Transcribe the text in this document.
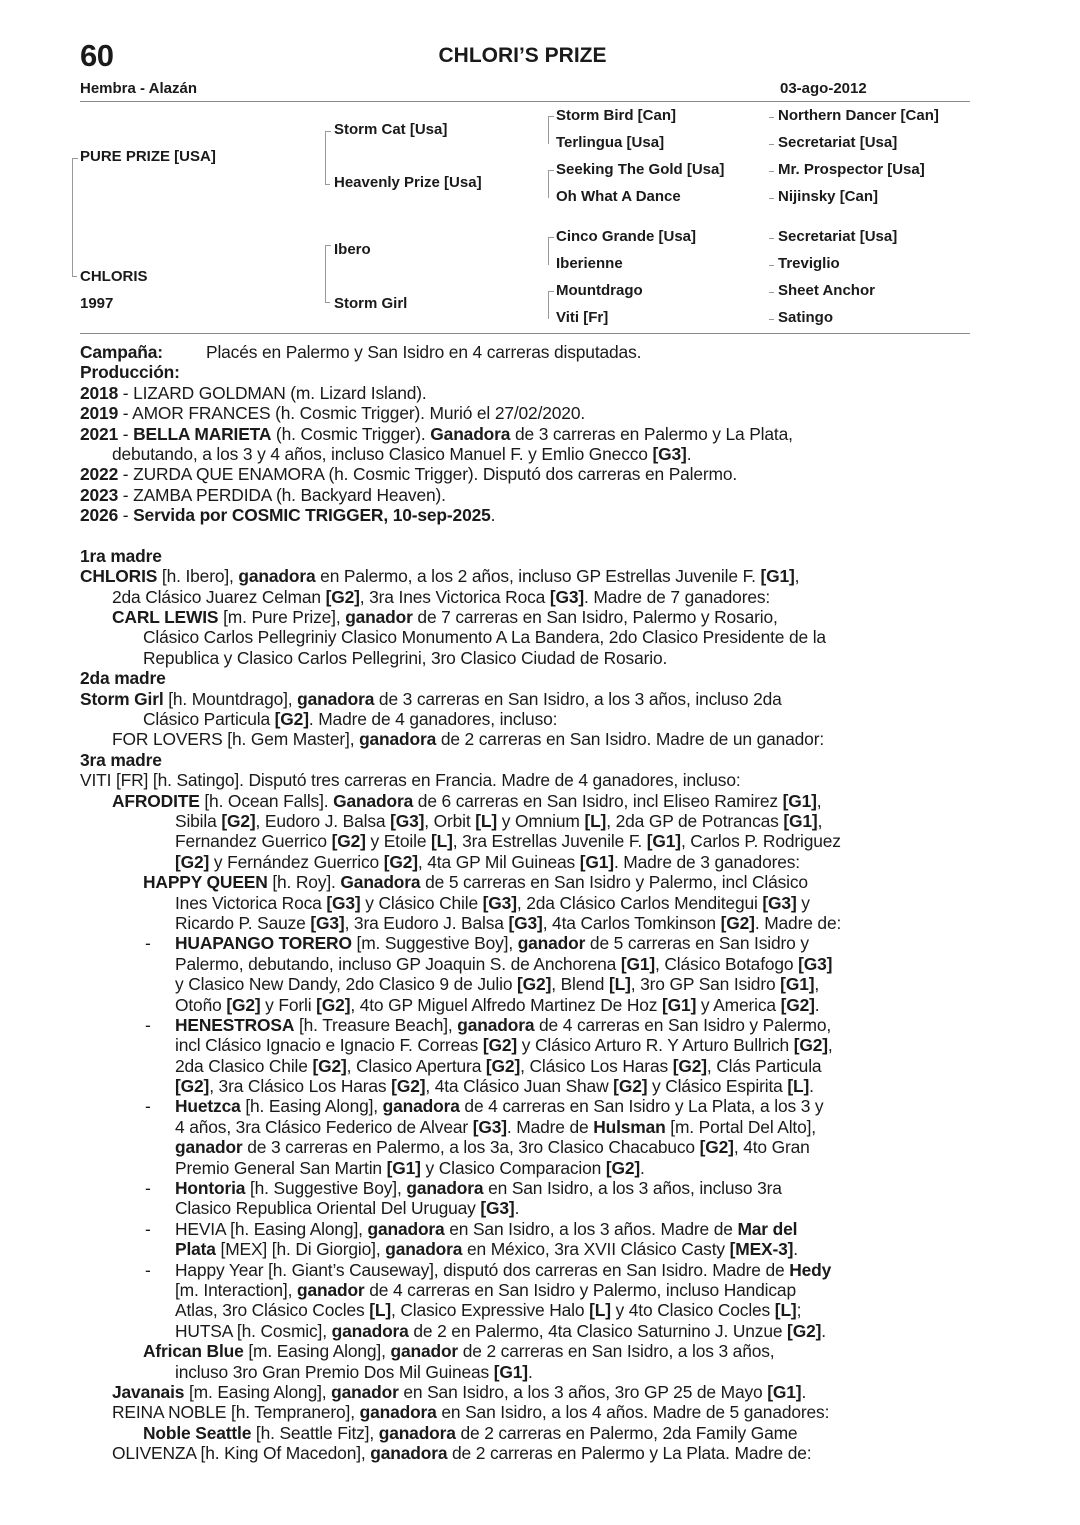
60	CHLORI’S PRIZE
Hembra - Alazán	03-ago-2012
PURE PRIZE [USA]
CHLORIS
1997
Storm Cat [Usa]
Heavenly Prize [Usa]
Ibero
Storm Girl
Storm Bird [Can]
Terlingua [Usa]
Seeking The Gold [Usa]
Oh What A Dance
Cinco Grande [Usa]
Iberienne
Mountdrago
Viti [Fr]
Northern Dancer [Can]
Secretariat [Usa]
Mr. Prospector [Usa]
Nijinsky [Can]
Secretariat [Usa]
Treviglio
Sheet Anchor
Satingo
Campaña: Placés en Palermo y San Isidro en 4 carreras disputadas.
Producción:
2018 - LIZARD GOLDMAN (m. Lizard Island).
2019 - AMOR FRANCES (h. Cosmic Trigger). Murió el 27/02/2020.
2021 - BELLA MARIETA (h. Cosmic Trigger). Ganadora de 3 carreras en Palermo y La Plata,
debutando, a los 3 y 4 años, incluso Clasico Manuel F. y Emlio Gnecco [G3].
2022 - ZURDA QUE ENAMORA (h. Cosmic Trigger). Disputó dos carreras en Palermo.
2023 - ZAMBA PERDIDA (h. Backyard Heaven).
2026 - Servida por COSMIC TRIGGER, 10-sep-2025.
1ra madre
CHLORIS [h. Ibero], ganadora en Palermo, a los 2 años, incluso GP Estrellas Juvenile F. [G1],
2da Clásico Juarez Celman [G2], 3ra Ines Victorica Roca [G3]. Madre de 7 ganadores:
CARL LEWIS [m. Pure Prize], ganador de 7 carreras en San Isidro, Palermo y Rosario,
Clásico Carlos Pellegriniy Clasico Monumento A La Bandera, 2do Clasico Presidente de la
Republica y Clasico Carlos Pellegrini, 3ro Clasico Ciudad de Rosario.
2da madre
Storm Girl [h. Mountdrago], ganadora de 3 carreras en San Isidro, a los 3 años, incluso 2da
Clásico Particula [G2]. Madre de 4 ganadores, incluso:
FOR LOVERS [h. Gem Master], ganadora de 2 carreras en San Isidro. Madre de un ganador:
3ra madre
VITI [FR] [h. Satingo]. Disputó tres carreras en Francia. Madre de 4 ganadores, incluso:
AFRODITE [h. Ocean Falls]. Ganadora de 6 carreras en San Isidro, incl Eliseo Ramirez [G1],
Sibila [G2], Eudoro J. Balsa [G3], Orbit [L] y Omnium [L], 2da GP de Potrancas [G1],
Fernandez Guerrico [G2] y Etoile [L], 3ra Estrellas Juvenile F. [G1], Carlos P. Rodriguez
[G2] y Fernández Guerrico [G2], 4ta GP Mil Guineas [G1]. Madre de 3 ganadores:
HAPPY QUEEN [h. Roy]. Ganadora de 5 carreras en San Isidro y Palermo, incl Clásico
Ines Victorica Roca [G3] y Clásico Chile [G3], 2da Clásico Carlos Menditegui [G3] y
Ricardo P. Sauze [G3], 3ra Eudoro J. Balsa [G3], 4ta Carlos Tomkinson [G2]. Madre de:
- HUAPANGO TORERO [m. Suggestive Boy], ganador de 5 carreras en San Isidro y
Palermo, debutando, incluso GP Joaquin S. de Anchorena [G1], Clásico Botafogo [G3]
y Clasico New Dandy, 2do Clasico 9 de Julio [G2], Blend [L], 3ro GP San Isidro [G1],
Otoño [G2] y Forli [G2], 4to GP Miguel Alfredo Martinez De Hoz [G1] y America [G2].
- HENESTROSA [h. Treasure Beach], ganadora de 4 carreras en San Isidro y Palermo,
incl Clásico Ignacio e Ignacio F. Correas [G2] y Clásico Arturo R. Y Arturo Bullrich [G2],
2da Clasico Chile [G2], Clasico Apertura [G2], Clásico Los Haras [G2], Clás Particula
[G2], 3ra Clásico Los Haras [G2], 4ta Clásico Juan Shaw [G2] y Clásico Espirita [L].
- Huetzca [h. Easing Along], ganadora de 4 carreras en San Isidro y La Plata, a los 3 y
4 años, 3ra Clásico Federico de Alvear [G3]. Madre de Hulsman [m. Portal Del Alto],
ganador de 3 carreras en Palermo, a los 3a, 3ro Clasico Chacabuco [G2], 4to Gran
Premio General San Martin [G1] y Clasico Comparacion [G2].
- Hontoria [h. Suggestive Boy], ganadora en San Isidro, a los 3 años, incluso 3ra
Clasico Republica Oriental Del Uruguay [G3].
- HEVIA [h. Easing Along], ganadora en San Isidro, a los 3 años. Madre de Mar del
Plata [MEX] [h. Di Giorgio], ganadora en México, 3ra XVII Clásico Casty [MEX-3].
- Happy Year [h. Giant’s Causeway], disputó dos carreras en San Isidro. Madre de Hedy
[m. Interaction], ganador de 4 carreras en San Isidro y Palermo, incluso Handicap
Atlas, 3ro Clásico Cocles [L], Clasico Expressive Halo [L] y 4to Clasico Cocles [L];
HUTSA [h. Cosmic], ganadora de 2 en Palermo, 4ta Clasico Saturnino J. Unzue [G2].
African Blue [m. Easing Along], ganador de 2 carreras en San Isidro, a los 3 años,
incluso 3ro Gran Premio Dos Mil Guineas [G1].
Javanais [m. Easing Along], ganador en San Isidro, a los 3 años, 3ro GP 25 de Mayo [G1].
REINA NOBLE [h. Tempranero], ganadora en San Isidro, a los 4 años. Madre de 5 ganadores:
Noble Seattle [h. Seattle Fitz], ganadora de 2 carreras en Palermo, 2da Family Game
OLIVENZA [h. King Of Macedon], ganadora de 2 carreras en Palermo y La Plata. Madre de:
